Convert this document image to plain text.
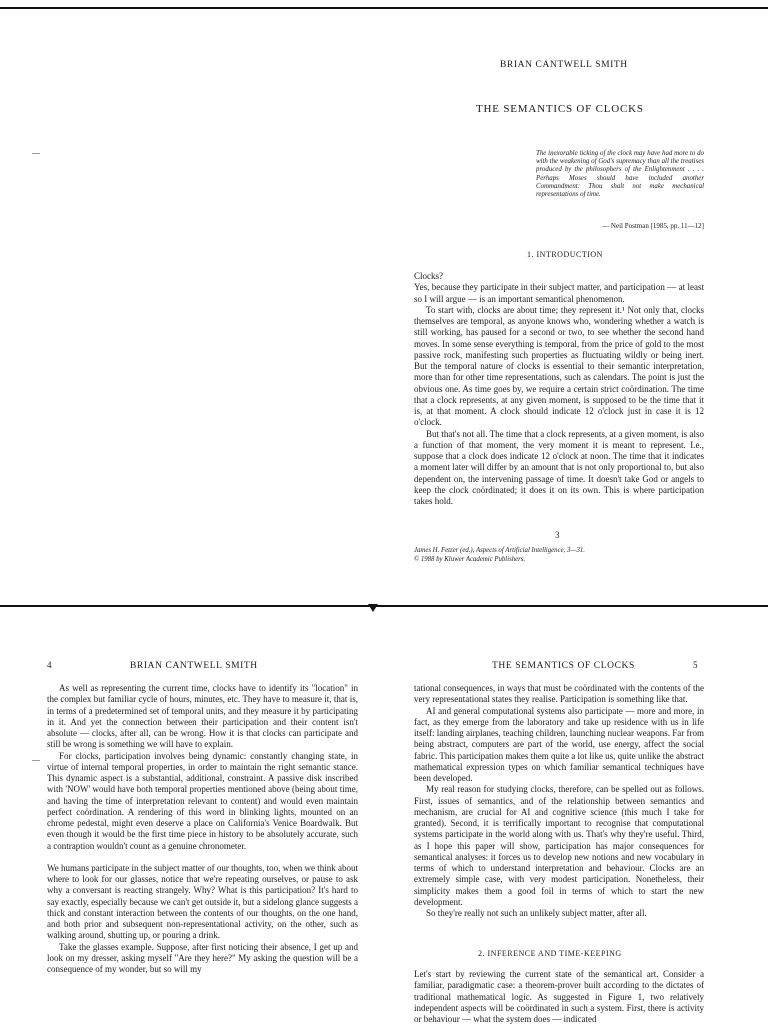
BRIAN CANTWELL SMITH
THE SEMANTICS OF CLOCKS

The inexorable ticking of the clock may have had more to do with the weakening of God's supremacy than all the treatises produced by the philosophers of the Enlightenment . . . . Perhaps Moses should have included another Commandment: Thou shalt not make mechanical representations of time.

— Neil Postman [1985, pp. 11—12]
1. INTRODUCTION

Clocks?

Yes, because they participate in their subject matter, and participation — at least so I will argue — is an important semantical phenomenon.

To start with, clocks are about time; they represent it.¹ Not only that, clocks themselves are temporal, as anyone knows who, wondering whether a watch is still working, has paused for a second or two, to see whether the second hand moves. In some sense everything is temporal, from the price of gold to the most passive rock, manifesting such properties as fluctuating wildly or being inert. But the temporal nature of clocks is essential to their semantic interpretation, more than for other time representations, such as calendars. The point is just the obvious one. As time goes by, we require a certain strict coördination. The time that a clock represents, at any given moment, is supposed to be the time that it is, at that moment. A clock should indicate 12 o'clock just in case it is 12 o'clock.

But that's not all. The time that a clock represents, at a given moment, is also a function of that moment, the very moment it is meant to represent. I.e., suppose that a clock does indicate 12 o'clock at noon. The time that it indicates a moment later will differ by an amount that is not only proportional to, but also dependent on, the intervening passage of time. It doesn't take God or angels to keep the clock coördinated; it does it on its own. This is where participation takes hold.

3
James H. Fetzer (ed.), Aspects of Artificial Intelligence, 3—31.
© 1988 by Kluwer Academic Publishers.
4	BRIAN CANTWELL SMITH

As well as representing the current time, clocks have to identify its "location" in the complex but familiar cycle of hours, minutes, etc. They have to measure it, that is, in terms of a predetermined set of temporal units, and they measure it by participating in it. And yet the connection between their participation and their content isn't absolute — clocks, after all, can be wrong. How it is that clocks can participate and still be wrong is something we will have to explain.

For clocks, participation involves being dynamic: constantly changing state, in virtue of internal temporal properties, in order to maintain the right semantic stance. This dynamic aspect is a substantial, additional, constraint. A passive disk inscribed with 'NOW' would have both temporal properties mentioned above (being about time, and having the time of interpretation relevant to content) and would even maintain perfect coördination. A rendering of this word in blinking lights, mounted on an chrome pedestal, might even deserve a place on California's Venice Boardwalk. But even though it would be the first time piece in history to be absolutely accurate, such a contraption wouldn't count as a genuine chronometer.

We humans participate in the subject matter of our thoughts, too, when we think about where to look for our glasses, notice that we're repeating ourselves, or pause to ask why a conversant is reacting strangely. Why? What is this participation? It's hard to say exactly, especially because we can't get outside it, but a sidelong glance suggests a thick and constant interaction between the contents of our thoughts, on the one hand, and both prior and subsequent non-representational activity, on the other, such as walking around, shutting up, or pouring a drink.

Take the glasses example. Suppose, after first noticing their absence, I get up and look on my dresser, asking myself "Are they here?" My asking the question will be a consequence of my wonder, but so will my

THE SEMANTICS OF CLOCKS	5

tational consequences, in ways that must be coördinated with the contents of the very representational states they realise. Participation is something like that.

AI and general computational systems also participate — more and more, in fact, as they emerge from the laboratory and take up residence with us in life itself: landing airplanes, teaching children, launching nuclear weapons. Far from being abstract, computers are part of the world, use energy, affect the social fabric. This participation makes them quite a lot like us, quite unlike the abstract mathematical expression types on which familiar semantical techniques have been developed.

My real reason for studying clocks, therefore, can be spelled out as follows. First, issues of semantics, and of the relationship between semantics and mechanism, are crucial for AI and cognitive science (this much I take for granted). Second, it is terrifically important to recognise that computational systems participate in the world along with us. That's why they're useful. Third, as I hope this paper will show, participation has major consequences for semantical analyses: it forces us to develop new notions and new vocabulary in terms of which to understand interpretation and behaviour. Clocks are an extremely simple case, with very modest participation. Nonetheless, their simplicity makes them a good foil in terms of which to start the new development.

So they're really not such an unlikely subject matter, after all.

2. INFERENCE AND TIME-KEEPING

Let's start by reviewing the current state of the semantical art. Consider a familiar, paradigmatic case: a theorem-prover built according to the dictates of traditional mathematical logic. As suggested in Figure 1, two relatively independent aspects will be coördinated in such a system. First, there is activity or behaviour — what the system does — indicated
